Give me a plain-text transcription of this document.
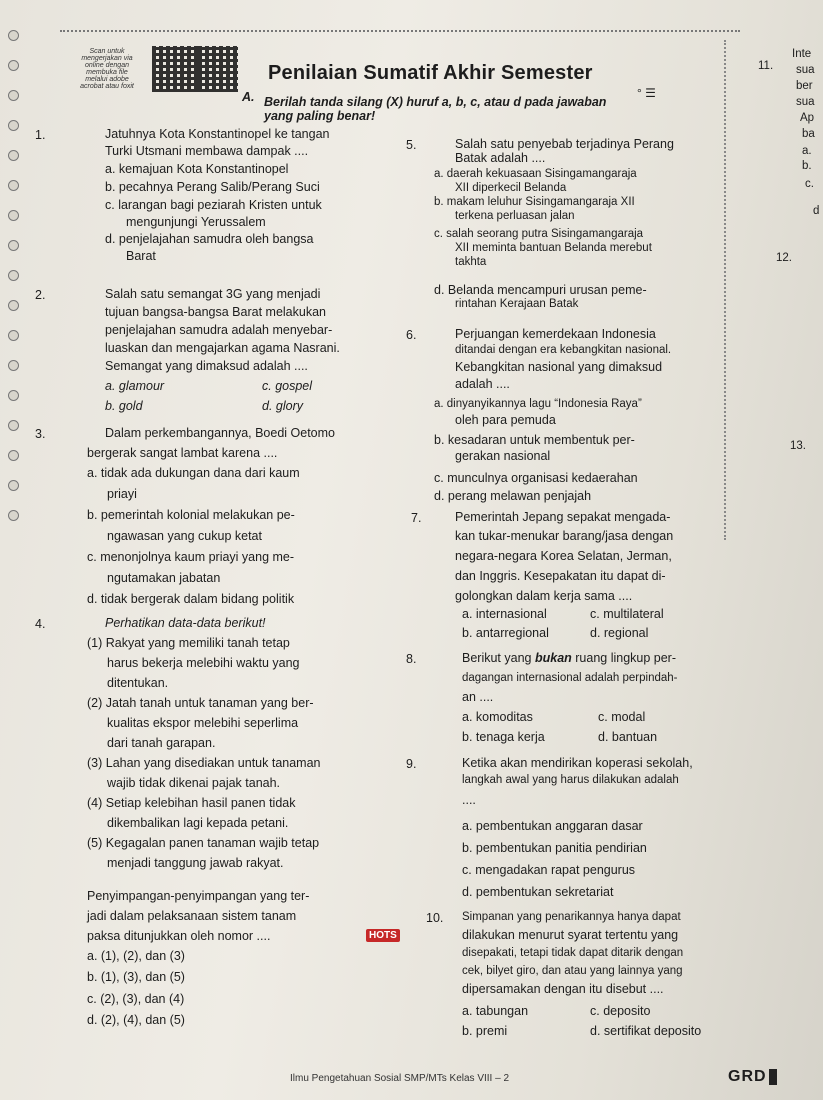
Scan untuk
mengerjakan via
online dengan
membuka file
melalui adobe
acrobat atau foxit
Penilaian Sumatif Akhir Semester
° ☰
A. Berilah tanda silang (X) huruf a, b, c, atau d pada jawaban
yang paling benar!
1.	Jatuhnya Kota Konstantinopel ke tangan
Turki Utsmani membawa dampak ....
a. kemajuan Kota Konstantinopel
b. pecahnya Perang Salib/Perang Suci
c. larangan bagi peziarah Kristen untuk
mengunjungi Yerussalem
d. penjelajahan samudra oleh bangsa
Barat
2.	Salah satu semangat 3G yang menjadi
tujuan bangsa-bangsa Barat melakukan
penjelajahan samudra adalah menyebar-
luaskan dan mengajarkan agama Nasrani.
Semangat yang dimaksud adalah ....
a. glamour	c. gospel
b. gold	d. glory
3.	Dalam perkembangannya, Boedi Oetomo
bergerak sangat lambat karena ....
a. tidak ada dukungan dana dari kaum
priayi
b. pemerintah kolonial melakukan pe-
ngawasan yang cukup ketat
c. menonjolnya kaum priayi yang me-
ngutamakan jabatan
d. tidak bergerak dalam bidang politik
4.	Perhatikan data-data berikut!
(1) Rakyat yang memiliki tanah tetap
harus bekerja melebihi waktu yang
ditentukan.
(2) Jatah tanah untuk tanaman yang ber-
kualitas ekspor melebihi seperlima
dari tanah garapan.
(3) Lahan yang disediakan untuk tanaman
wajib tidak dikenai pajak tanah.
(4) Setiap kelebihan hasil panen tidak
dikembalikan lagi kepada petani.
(5) Kegagalan panen tanaman wajib tetap
menjadi tanggung jawab rakyat.
Penyimpangan-penyimpangan yang ter-
jadi dalam pelaksanaan sistem tanam
paksa ditunjukkan oleh nomor ....	HOTS
a. (1), (2), dan (3)
b. (1), (3), dan (5)
c. (2), (3), dan (4)
d. (2), (4), dan (5)
5.	Salah satu penyebab terjadinya Perang
Batak adalah ....
a. daerah kekuasaan Sisingamangaraja
XII diperkecil Belanda
b. makam leluhur Sisingamangaraja XII
terkena perluasan jalan
c. salah seorang putra Sisingamangaraja
XII meminta bantuan Belanda merebut
takhta
d. Belanda mencampuri urusan peme-
rintahan Kerajaan Batak
6.	Perjuangan kemerdekaan Indonesia
ditandai dengan era kebangkitan nasional.
Kebangkitan nasional yang dimaksud
adalah ....
a. dinyanyikannya lagu “Indonesia Raya”
oleh para pemuda
b. kesadaran untuk membentuk per-
gerakan nasional
c. munculnya organisasi kedaerahan
d. perang melawan penjajah
7.	Pemerintah Jepang sepakat mengada-
kan tukar-menukar barang/jasa dengan
negara-negara Korea Selatan, Jerman,
dan Inggris. Kesepakatan itu dapat di-
golongkan dalam kerja sama ....
a. internasional	c. multilateral
b. antarregional	d. regional
8.	Berikut yang bukan ruang lingkup per-
dagangan internasional adalah perpindah-
an ....
a. komoditas	c. modal
b. tenaga kerja	d. bantuan
9.	Ketika akan mendirikan koperasi sekolah,
langkah awal yang harus dilakukan adalah
....
a. pembentukan anggaran dasar
b. pembentukan panitia pendirian
c. mengadakan rapat pengurus
d. pembentukan sekretariat
10. Simpanan yang penarikannya hanya dapat
dilakukan menurut syarat tertentu yang
disepakati, tetapi tidak dapat ditarik dengan
cek, bilyet giro, dan atau yang lainnya yang
dipersamakan dengan itu disebut ....
a. tabungan	c. deposito
b. premi	d. sertifikat deposito
11.
Inte
sua
ber
sua
Ap
ba
a.
b.
c.
d
12.
13.
Ilmu Pengetahuan Sosial SMP/MTs Kelas VIII – 2	GRD
